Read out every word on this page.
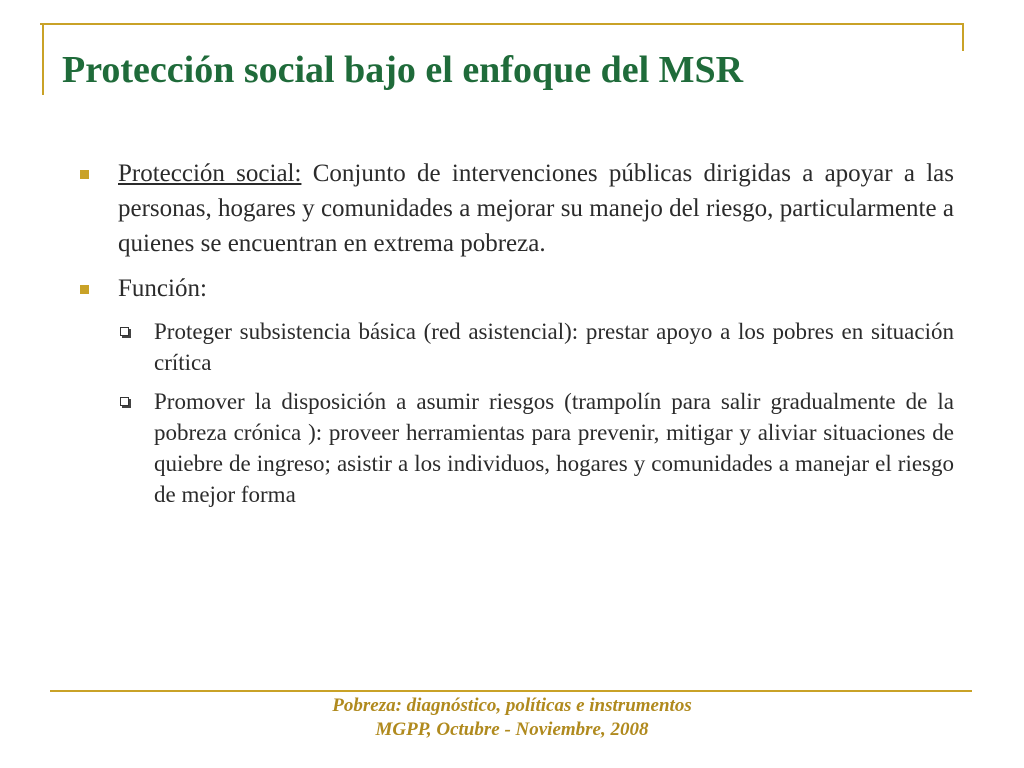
Protección social bajo el enfoque del MSR
Protección social: Conjunto de intervenciones públicas dirigidas a apoyar a las personas, hogares y comunidades a mejorar su manejo del riesgo, particularmente a quienes se encuentran en extrema pobreza.
Función:
Proteger subsistencia básica (red asistencial): prestar apoyo a los pobres en situación crítica
Promover la disposición a asumir riesgos (trampolín para salir gradualmente de la pobreza crónica ): proveer herramientas para prevenir, mitigar y aliviar situaciones de quiebre de ingreso; asistir a los individuos, hogares y comunidades a manejar el riesgo de mejor forma
Pobreza: diagnóstico, políticas e instrumentos
MGPP, Octubre - Noviembre, 2008
